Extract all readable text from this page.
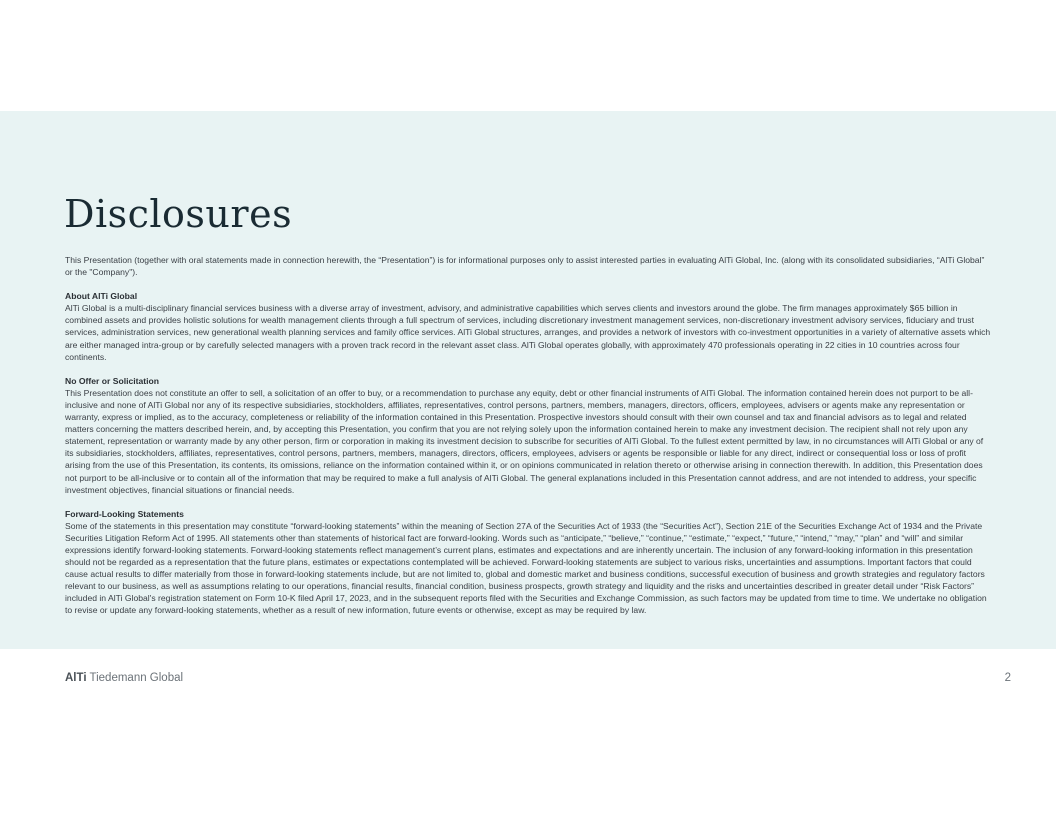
Disclosures

This Presentation (together with oral statements made in connection herewith, the “Presentation”) is for informational purposes only to assist interested parties in evaluating AlTi Global, Inc. (along with its consolidated subsidiaries, “AlTi Global” or the "Company").

About AlTi Global

AlTi Global is a multi-disciplinary financial services business with a diverse array of investment, advisory, and administrative capabilities which serves clients and investors around the globe. The firm manages approximately $65 billion in combined assets and provides holistic solutions for wealth management clients through a full spectrum of services, including discretionary investment management services, non-discretionary investment advisory services, fiduciary and trust services, administration services, new generational wealth planning services and family office services. AlTi Global structures, arranges, and provides a network of investors with co-investment opportunities in a variety of alternative assets which are either managed intra-group or by carefully selected managers with a proven track record in the relevant asset class. AlTi Global operates globally, with approximately 470 professionals operating in 22 cities in 10 countries across four continents.

No Offer or Solicitation

This Presentation does not constitute an offer to sell, a solicitation of an offer to buy, or a recommendation to purchase any equity, debt or other financial instruments of AlTi Global. The information contained herein does not purport to be all-inclusive and none of AlTi Global nor any of its respective subsidiaries, stockholders, affiliates, representatives, control persons, partners, members, managers, directors, officers, employees, advisers or agents make any representation or warranty, express or implied, as to the accuracy, completeness or reliability of the information contained in this Presentation. Prospective investors should consult with their own counsel and tax and financial advisors as to legal and related matters concerning the matters described herein, and, by accepting this Presentation, you confirm that you are not relying solely upon the information contained herein to make any investment decision. The recipient shall not rely upon any statement, representation or warranty made by any other person, firm or corporation in making its investment decision to subscribe for securities of AlTi Global. To the fullest extent permitted by law, in no circumstances will AlTi Global or any of its subsidiaries, stockholders, affiliates, representatives, control persons, partners, members, managers, directors, officers, employees, advisers or agents be responsible or liable for any direct, indirect or consequential loss or loss of profit arising from the use of this Presentation, its contents, its omissions, reliance on the information contained within it, or on opinions communicated in relation thereto or otherwise arising in connection therewith. In addition, this Presentation does not purport to be all-inclusive or to contain all of the information that may be required to make a full analysis of AlTi Global. The general explanations included in this Presentation cannot address, and are not intended to address, your specific investment objectives, financial situations or financial needs.

Forward-Looking Statements

Some of the statements in this presentation may constitute “forward-looking statements” within the meaning of Section 27A of the Securities Act of 1933 (the “Securities Act”), Section 21E of the Securities Exchange Act of 1934 and the Private Securities Litigation Reform Act of 1995. All statements other than statements of historical fact are forward-looking. Words such as “anticipate,” “believe,” “continue,” “estimate,” “expect,” “future,” “intend,” “may,” “plan” and “will” and similar expressions identify forward-looking statements. Forward-looking statements reflect management’s current plans, estimates and expectations and are inherently uncertain. The inclusion of any forward-looking information in this presentation should not be regarded as a representation that the future plans, estimates or expectations contemplated will be achieved. Forward-looking statements are subject to various risks, uncertainties and assumptions. Important factors that could cause actual results to differ materially from those in forward-looking statements include, but are not limited to, global and domestic market and business conditions, successful execution of business and growth strategies and regulatory factors relevant to our business, as well as assumptions relating to our operations, financial results, financial condition, business prospects, growth strategy and liquidity and the risks and uncertainties described in greater detail under “Risk Factors” included in AlTi Global's registration statement on Form 10-K filed April 17, 2023, and in the subsequent reports filed with the Securities and Exchange Commission, as such factors may be updated from time to time. We undertake no obligation to revise or update any forward-looking statements, whether as a result of new information, future events or otherwise, except as may be required by law.

AlTi Tiedemann Global	2
